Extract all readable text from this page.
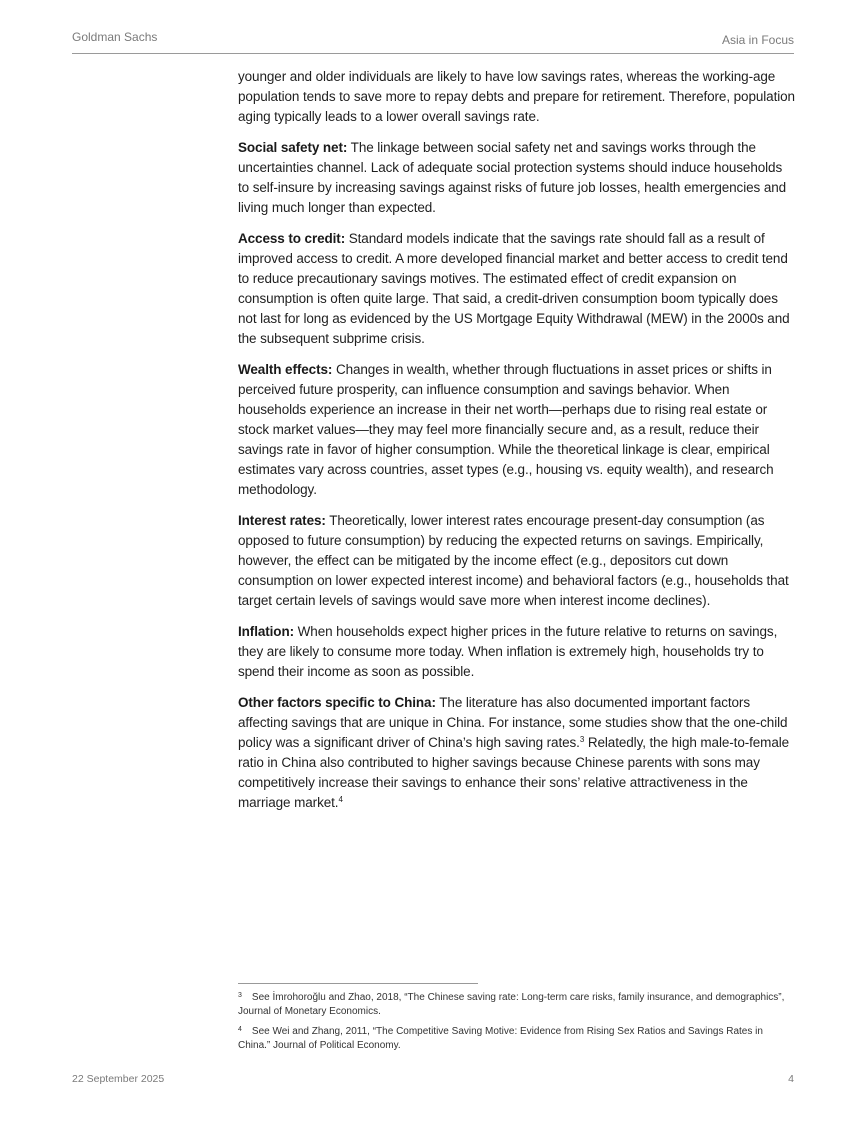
Goldman Sachs	Asia in Focus

younger and older individuals are likely to have low savings rates, whereas the working-age population tends to save more to repay debts and prepare for retirement. Therefore, population aging typically leads to a lower overall savings rate.

Social safety net: The linkage between social safety net and savings works through the uncertainties channel. Lack of adequate social protection systems should induce households to self-insure by increasing savings against risks of future job losses, health emergencies and living much longer than expected.

Access to credit: Standard models indicate that the savings rate should fall as a result of improved access to credit. A more developed financial market and better access to credit tend to reduce precautionary savings motives. The estimated effect of credit expansion on consumption is often quite large. That said, a credit-driven consumption boom typically does not last for long as evidenced by the US Mortgage Equity Withdrawal (MEW) in the 2000s and the subsequent subprime crisis.

Wealth effects: Changes in wealth, whether through fluctuations in asset prices or shifts in perceived future prosperity, can influence consumption and savings behavior. When households experience an increase in their net worth—perhaps due to rising real estate or stock market values—they may feel more financially secure and, as a result, reduce their savings rate in favor of higher consumption. While the theoretical linkage is clear, empirical estimates vary across countries, asset types (e.g., housing vs. equity wealth), and research methodology.

Interest rates: Theoretically, lower interest rates encourage present-day consumption (as opposed to future consumption) by reducing the expected returns on savings. Empirically, however, the effect can be mitigated by the income effect (e.g., depositors cut down consumption on lower expected interest income) and behavioral factors (e.g., households that target certain levels of savings would save more when interest income declines).

Inflation: When households expect higher prices in the future relative to returns on savings, they are likely to consume more today. When inflation is extremely high, households try to spend their income as soon as possible.

Other factors specific to China: The literature has also documented important factors affecting savings that are unique in China. For instance, some studies show that the one-child policy was a significant driver of China’s high saving rates.$^3$ Relatedly, the high male-to-female ratio in China also contributed to higher savings because Chinese parents with sons may competitively increase their savings to enhance their sons’ relative attractiveness in the marriage market.$^4$

$^3$ See İmrohoroğlu and Zhao, 2018, “The Chinese saving rate: Long-term care risks, family insurance, and demographics”, Journal of Monetary Economics.

$^4$ See Wei and Zhang, 2011, “The Competitive Saving Motive: Evidence from Rising Sex Ratios and Savings Rates in China.” Journal of Political Economy.

22 September 2025	4
